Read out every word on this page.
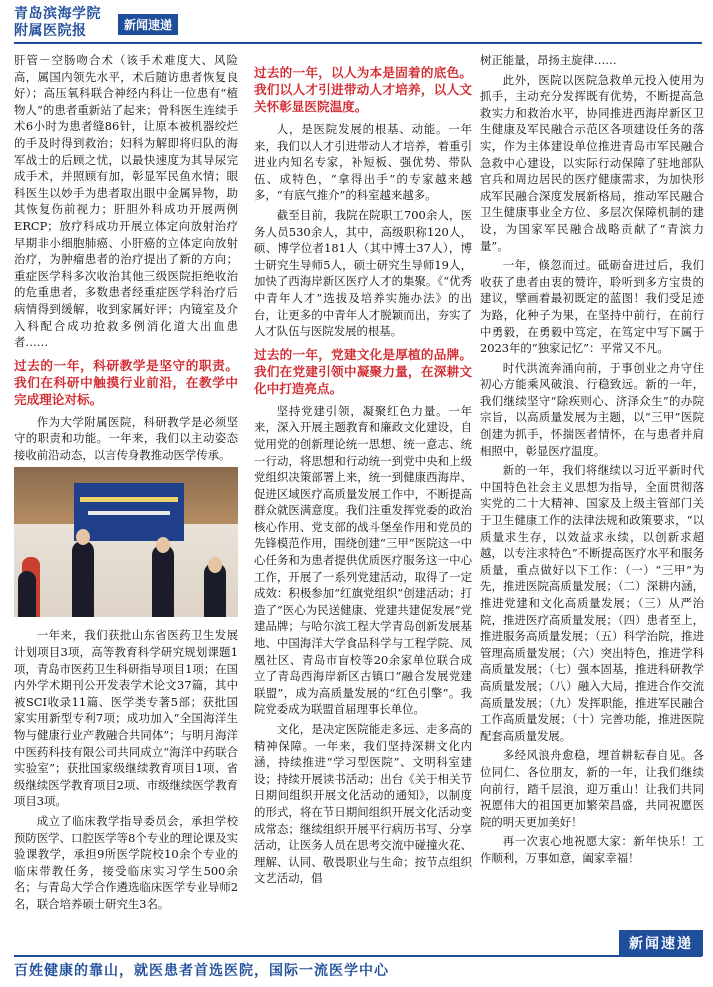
青岛滨海学院
附属医院报	新闻速递

肝管－空肠吻合术（该手术难度大、风险高，属国内领先水平，术后随访患者恢复良好）；高压氧科联合神经内科让一位患有“植物人”的患者重新站了起来；骨科医生连续手术6小时为患者缝86针，让原本被机器绞烂的手及时得到救治；妇科为解即将归队的海军战士的后顾之忧，以最快速度为其导尿完成手术，并照顾有加，彰显军民鱼水情；眼科医生以妙手为患者取出眼中金属异物，助其恢复伤前视力；肝胆外科成功开展两例ERCP；放疗科成功开展立体定向放射治疗早期非小细胞肺癌、小肝癌的立体定向放射治疗，为肿瘤患者的治疗提出了新的方向；重症医学科多次收治其他三级医院拒绝收治的危重患者，多数患者经重症医学科治疗后病情得到缓解，收到家属好评；内镜室及介入科配合成功抢救多例消化道大出血患者……

过去的一年，科研教学是坚守的职责。我们在科研中触摸行业前沿，在教学中完成理论对标。

作为大学附属医院，科研教学是必须坚守的职责和功能。一年来，我们以主动姿态接收前沿动态，以言传身教推动医学传承。

一年来，我们获批山东省医药卫生发展计划项目3项，高等教育科学研究规划课题1项，青岛市医药卫生科研指导项目1项；在国内外学术期刊公开发表学术论文37篇，其中被SCI收录11篇、医学类专著5部；获批国家实用新型专利7项；成功加入“全国海洋生物与健康行业产教融合共同体”；与明月海洋中医药科技有限公司共同成立“海洋中药联合实验室”；获批国家级继续教育项目1项、省级继续医学教育项目2项、市级继续医学教育项目3项。

成立了临床教学指导委员会，承担学校预防医学、口腔医学等8个专业的理论课及实验课教学，承担9所医学院校10余个专业的临床带教任务，接受临床实习学生500余名；与青岛大学合作遴选临床医学专业导师2名，联合培养硕士研究生3名。

过去的一年，以人为本是固着的底色。我们以人才引进带动人才培养，以人文关怀彰显医院温度。

人，是医院发展的根基、动能。一年来，我们以人才引进带动人才培养，着重引进业内知名专家，补短板、强优势、带队伍、成特色，“拿得出手”的专家越来越多，“有底气推介”的科室越来越多。

截至目前，我院在院职工700余人，医务人员530余人，其中，高级职称120人，硕、博学位者181人（其中博士37人），博士研究生导师5人，硕士研究生导师19人，加快了西海岸新区医疗人才的集聚。《“优秀中青年人才”选拔及培养实施办法》的出台，让更多的中青年人才脱颖而出，夯实了人才队伍与医院发展的根基。

过去的一年，党建文化是厚植的品牌。我们在党建引领中凝聚力量，在深耕文化中打造亮点。

坚持党建引领，凝聚红色力量。一年来，深入开展主题教育和廉政文化建设，自觉用党的创新理论统一思想、统一意志、统一行动，将思想和行动统一到党中央和上级党组织决策部署上来，统一到健康西海岸、促进区域医疗高质量发展工作中，不断提高群众就医满意度。我们注重发挥党委的政治核心作用、党支部的战斗堡垒作用和党员的先锋模范作用，围绕创建“三甲”医院这一中心任务和为患者提供优质医疗服务这一中心工作，开展了一系列党建活动，取得了一定成效：积极参加“红旗党组织”创建活动；打造了“医心为民送健康、党建共建促发展”党建品牌；与哈尔滨工程大学青岛创新发展基地、中国海洋大学食品科学与工程学院、凤凰社区、青岛市盲校等20余家单位联合成立了青岛西海岸新区古镇口“融合发展党建联盟”，成为高质量发展的“红色引擎”。我院党委成为联盟首届理事长单位。

文化，是决定医院能走多远、走多高的精神保障。一年来，我们坚持深耕文化内涵，持续推进“学习型医院”、文明科室建设；持续开展读书活动；出台《关于相关节日期间组织开展文化活动的通知》，以制度的形式，将在节日期间组织开展文化活动变成常态；继续组织开展平行病历书写、分享活动，让医务人员在思考交流中碰撞火花、理解、认同、敬畏职业与生命；按节点组织文艺活动，倡

树正能量，昂扬主旋律……

此外，医院以医院急救单元投入使用为抓手，主动充分发挥既有优势，不断提高急救实力和救治水平，协同推进西海岸新区卫生健康及军民融合示范区各项建设任务的落实，作为主体建设单位推进青岛市军民融合急救中心建设，以实际行动保障了驻地部队官兵和周边居民的医疗健康需求，为加快形成军民融合深度发展新格局，推动军民融合卫生健康事业全方位、多层次保障机制的建设，为国家军民融合战略贡献了“青滨力量”。

一年，倏忽而过。砥砺奋进过后，我们收获了患者由衷的赞许，聆听到多方宝贵的建议，擘画着最初既定的蓝图！我们受足迹为路，化种子为果，在坚持中前行，在前行中勇毅，在勇毅中笃定，在笃定中写下属于2023年的“独家记忆”：平常又不凡。

时代洪流奔涌向前，于事创业之舟守住初心方能乘风破浪、行稳致远。新的一年，我们继续坚守“除疾则心、济泽众生”的办院宗旨，以高质量发展为主题，以“三甲”医院创建为抓手，怀揣医者情怀，在与患者并肩相照中，彰显医疗温度。

新的一年，我们将继续以习近平新时代中国特色社会主义思想为指导，全面贯彻落实党的二十大精神、国家及上级主管部门关于卫生健康工作的法律法规和政策要求，“以质量求生存，以效益求永续，以创新求超越，以专注求特色”不断提高医疗水平和服务质量，重点做好以下工作：（一）“三甲”为先，推进医院高质量发展；（二）深耕内涵，推进党建和文化高质量发展；（三）从严治院，推进医疗高质量发展；（四）患者至上，推进服务高质量发展；（五）科学治院，推进管理高质量发展；（六）突出特色，推进学科高质量发展；（七）强本固基，推进科研教学高质量发展；（八）融入大局，推进合作交流高质量发展；（九）发挥职能，推进军民融合工作高质量发展；（十）完善功能，推进医院配套高质量发展。

多经风浪舟愈稳，埋首耕耘春自见。各位同仁、各位朋友，新的一年，让我们继续向前行，踏千层浪，迎万重山！让我们共同祝愿伟大的祖国更加繁荣昌盛，共同祝愿医院的明天更加美好！

再一次衷心地祝愿大家：新年快乐！工作顺利，万事如意，阖家幸福！

新闻速递
百姓健康的靠山，就医患者首选医院，国际一流医学中心
